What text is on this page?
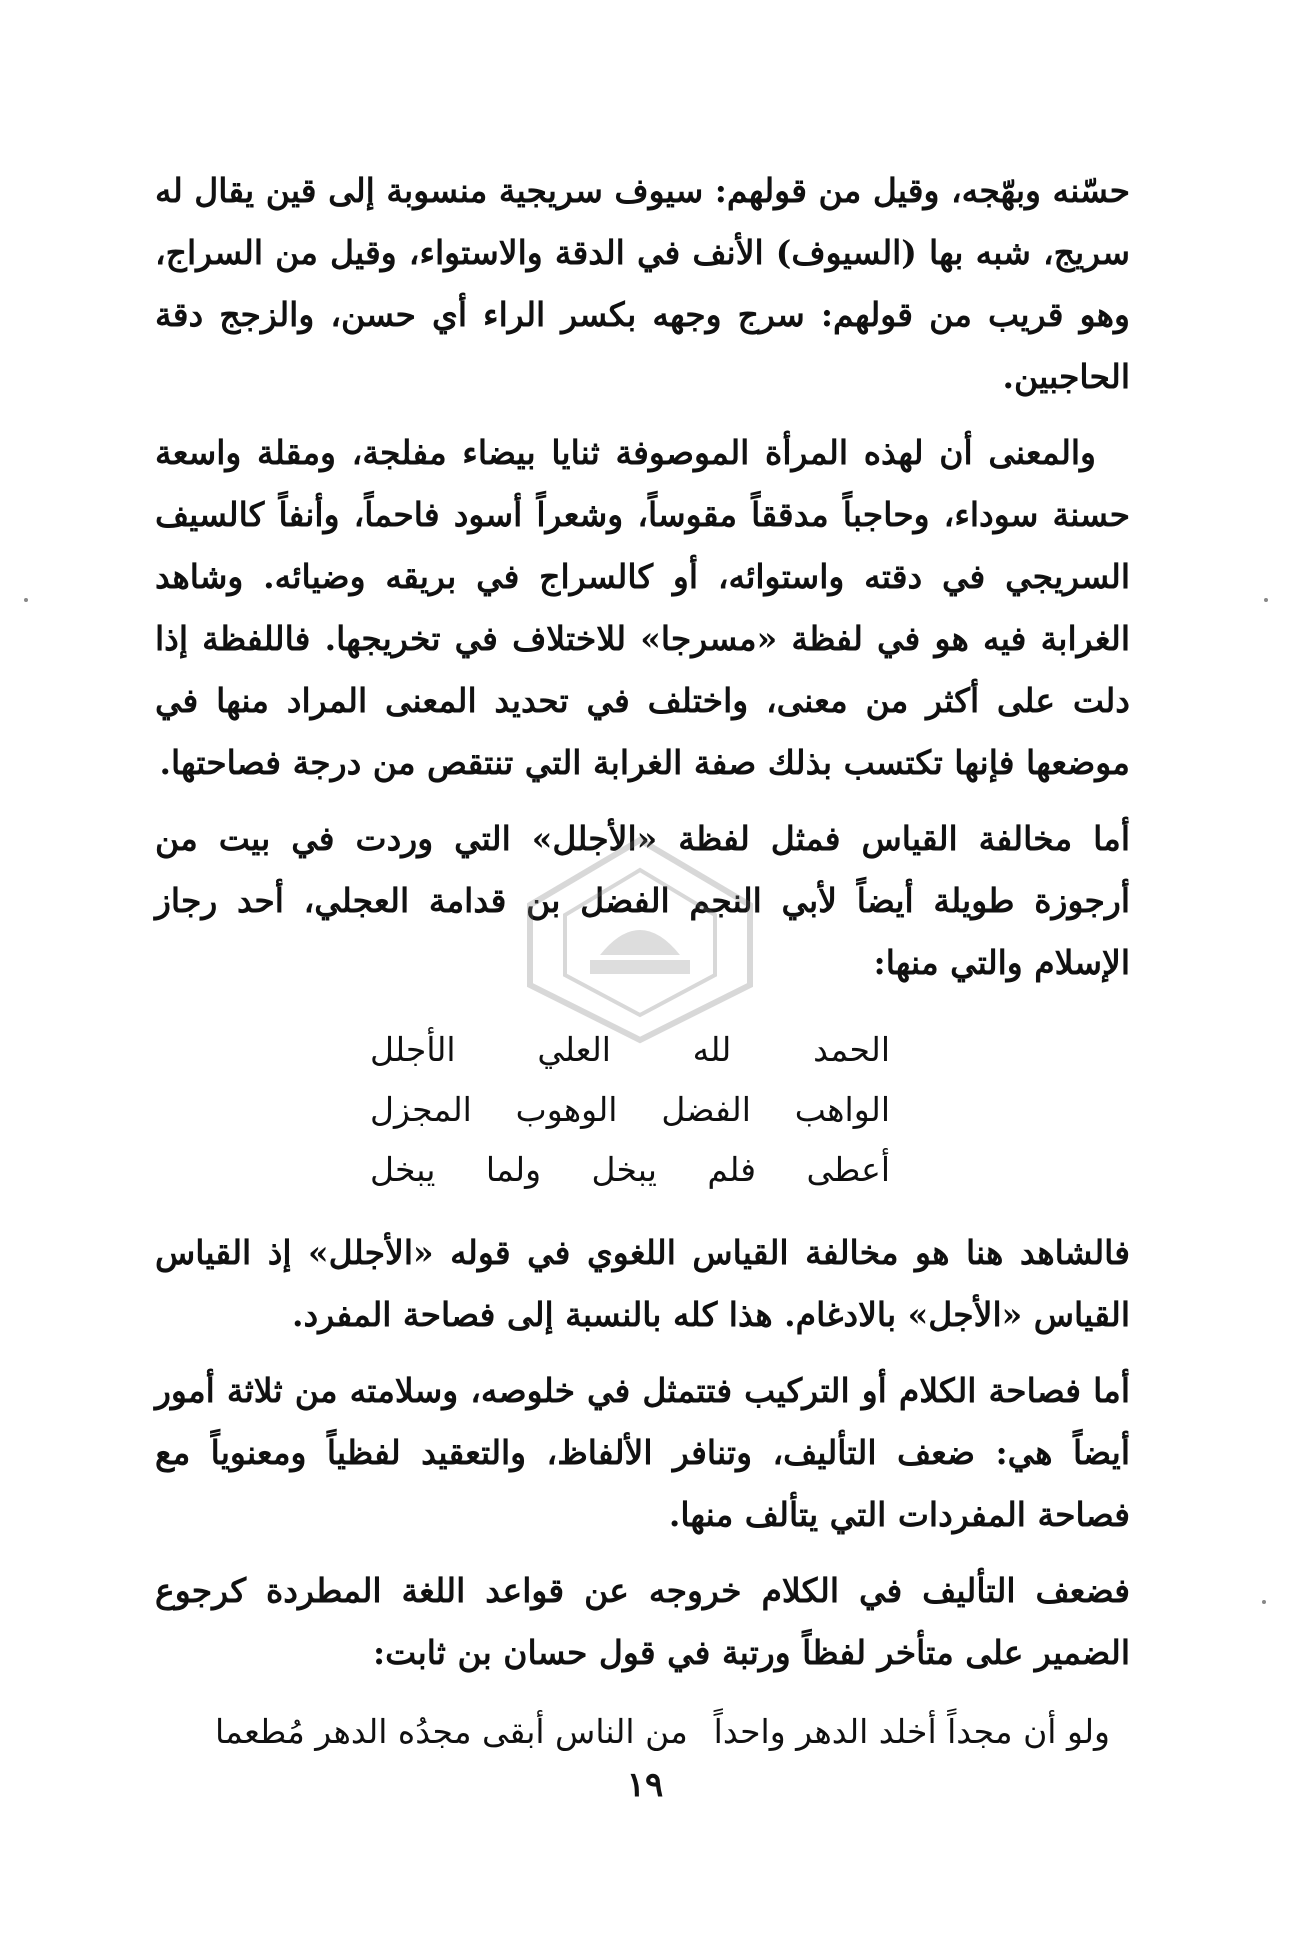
حسّنه وبهّجه، وقيل من قولهم: سيوف سريجية منسوبة إلى قين يقال له سريج، شبه بها (السيوف) الأنف في الدقة والاستواء، وقيل من السراج، وهو قريب من قولهم: سرج وجهه بكسر الراء أي حسن، والزجج دقة الحاجبين.

والمعنى أن لهذه المرأة الموصوفة ثنايا بيضاء مفلجة، ومقلة واسعة حسنة سوداء، وحاجباً مدققاً مقوساً، وشعراً أسود فاحماً، وأنفاً كالسيف السريجي في دقته واستوائه، أو كالسراج في بريقه وضيائه. وشاهد الغرابة فيه هو في لفظة «مسرجا» للاختلاف في تخريجها. فاللفظة إذا دلت على أكثر من معنى، واختلف في تحديد المعنى المراد منها في موضعها فإنها تكتسب بذلك صفة الغرابة التي تنتقص من درجة فصاحتها.

أما مخالفة القياس فمثل لفظة «الأجلل» التي وردت في بيت من أرجوزة طويلة أيضاً لأبي النجم الفضل بن قدامة العجلي، أحد رجاز الإسلام والتي منها:

الحمد لله العلي الأجلل
الواهب الفضل الوهوب المجزل
أعطى فلم يبخل ولما يبخل

فالشاهد هنا هو مخالفة القياس اللغوي في قوله «الأجلل» إذ القياس القياس «الأجل» بالادغام. هذا كله بالنسبة إلى فصاحة المفرد.

أما فصاحة الكلام أو التركيب فتتمثل في خلوصه، وسلامته من ثلاثة أمور أيضاً هي: ضعف التأليف، وتنافر الألفاظ، والتعقيد لفظياً ومعنوياً مع فصاحة المفردات التي يتألف منها.

فضعف التأليف في الكلام خروجه عن قواعد اللغة المطردة كرجوع الضمير على متأخر لفظاً ورتبة في قول حسان بن ثابت:

ولو أن مجداً أخلد الدهر واحداً
من الناس أبقى مجدُه الدهر مُطعما
١٩
